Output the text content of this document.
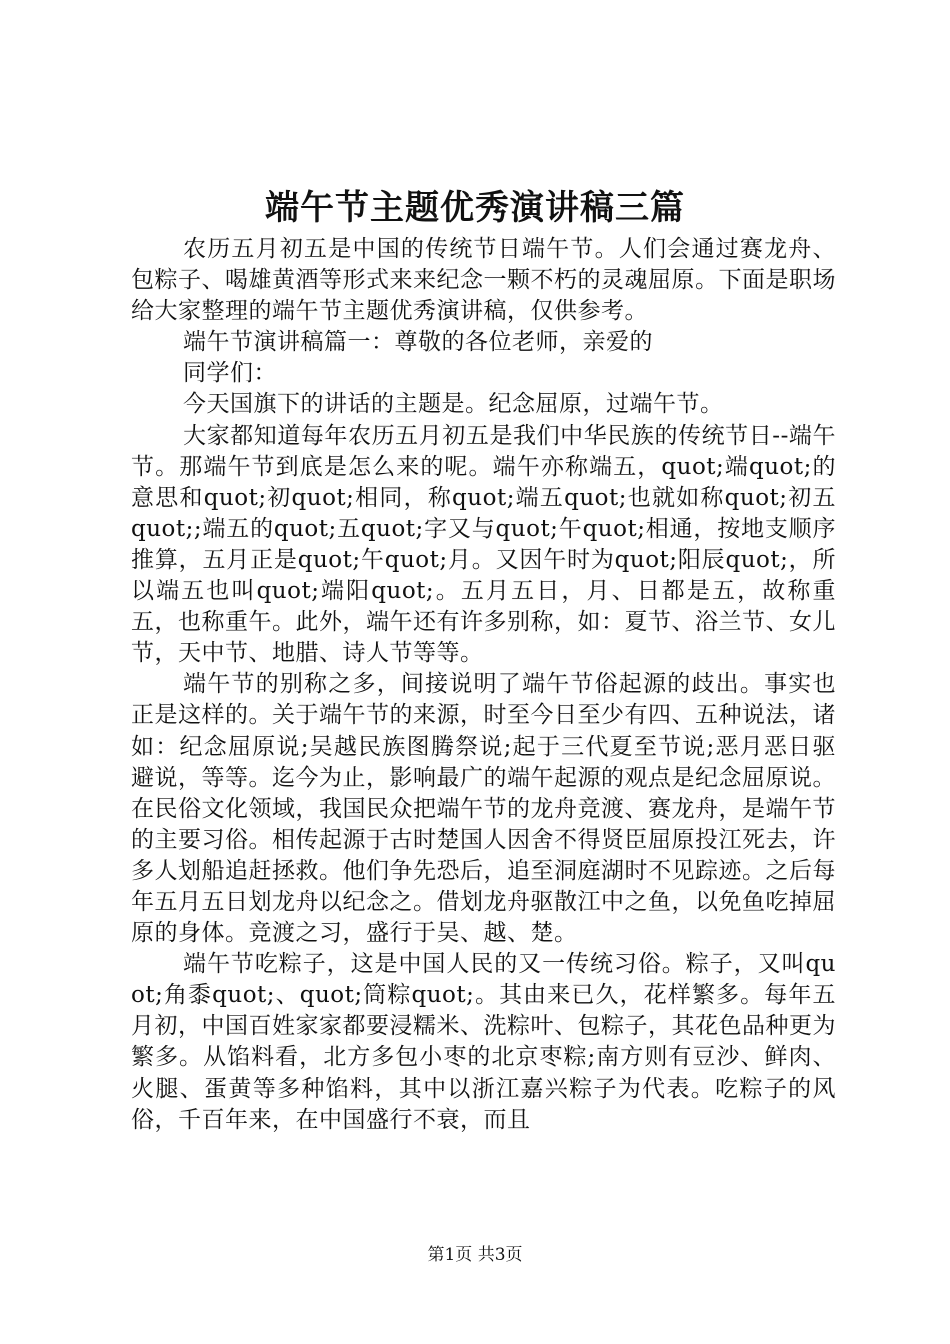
端午节主题优秀演讲稿三篇

农历五月初五是中国的传统节日端午节。人们会通过赛龙舟、包粽子、喝雄黄酒等形式来来纪念一颗不朽的灵魂屈原。下面是职场给大家整理的端午节主题优秀演讲稿，仅供参考。

端午节演讲稿篇一：尊敬的各位老师，亲爱的

同学们：

今天国旗下的讲话的主题是。纪念屈原，过端午节。

大家都知道每年农历五月初五是我们中华民族的传统节日--端午节。那端午节到底是怎么来的呢。端午亦称端五，quot;端quot;的意思和quot;初quot;相同，称quot;端五quot;也就如称quot;初五quot;;端五的quot;五quot;字又与quot;午quot;相通，按地支顺序推算，五月正是quot;午quot;月。又因午时为quot;阳辰quot;，所以端五也叫quot;端阳quot;。五月五日，月、日都是五，故称重五，也称重午。此外，端午还有许多别称，如：夏节、浴兰节、女儿节，天中节、地腊、诗人节等等。

端午节的别称之多，间接说明了端午节俗起源的歧出。事实也正是这样的。关于端午节的来源，时至今日至少有四、五种说法，诸如：纪念屈原说;吴越民族图腾祭说;起于三代夏至节说;恶月恶日驱避说，等等。迄今为止，影响最广的端午起源的观点是纪念屈原说。在民俗文化领域，我国民众把端午节的龙舟竞渡、赛龙舟，是端午节的主要习俗。相传起源于古时楚国人因舍不得贤臣屈原投江死去，许多人划船追赶拯救。他们争先恐后，追至洞庭湖时不见踪迹。之后每年五月五日划龙舟以纪念之。借划龙舟驱散江中之鱼，以免鱼吃掉屈原的身体。竞渡之习，盛行于吴、越、楚。

端午节吃粽子，这是中国人民的又一传统习俗。粽子，又叫quot;角黍quot;、quot;筒粽quot;。其由来已久，花样繁多。每年五月初，中国百姓家家都要浸糯米、洗粽叶、包粽子，其花色品种更为繁多。从馅料看，北方多包小枣的北京枣粽;南方则有豆沙、鲜肉、火腿、蛋黄等多种馅料，其中以浙江嘉兴粽子为代表。吃粽子的风俗，千百年来，在中国盛行不衰，而且

第1页 共3页
